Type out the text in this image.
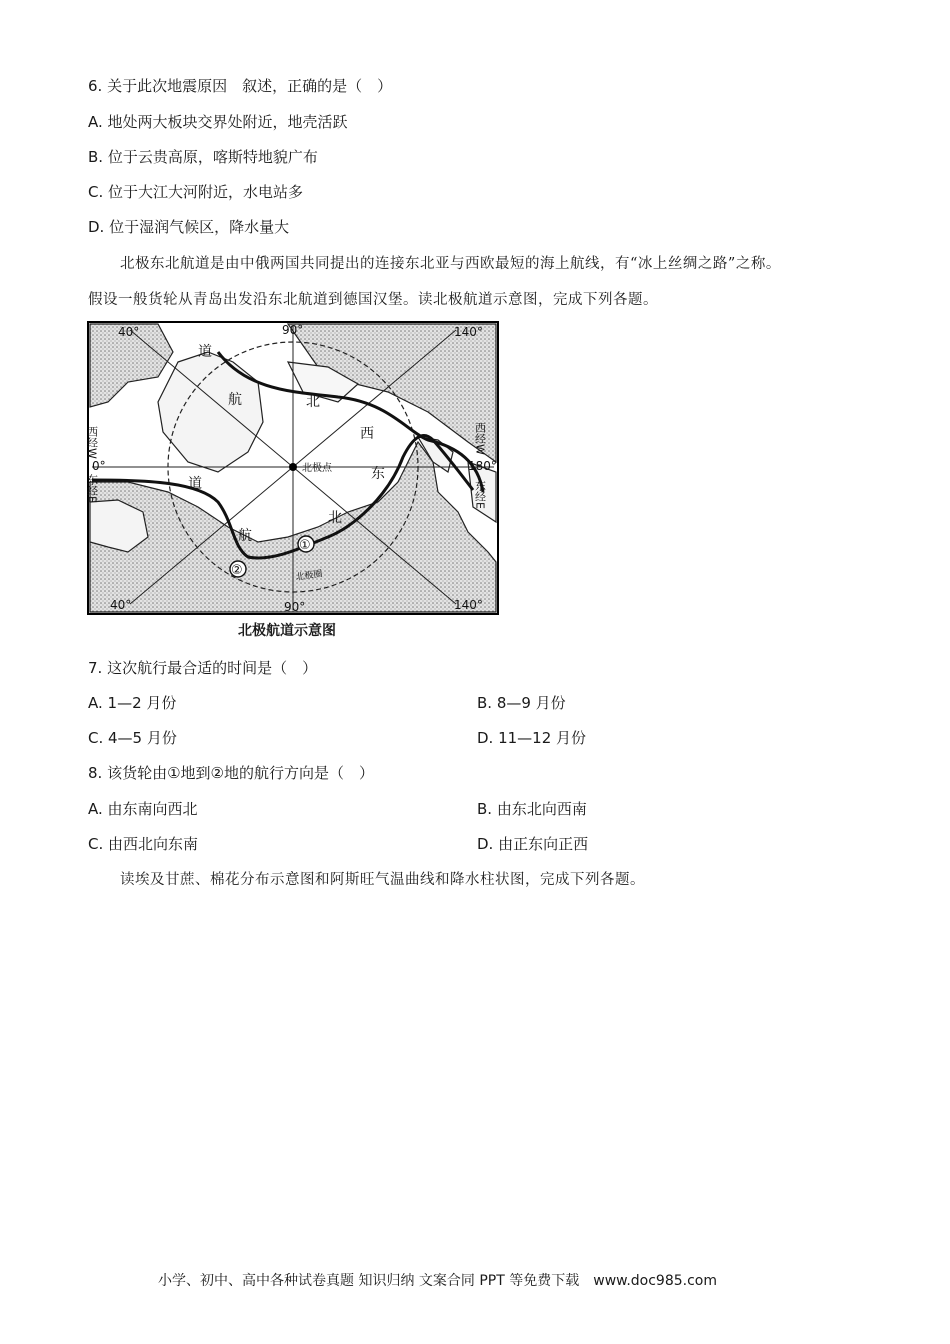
6. 关于此次地震原因　叙述，正确的是（　）
A. 地处两大板块交界处附近，地壳活跃
B. 位于云贵高原，喀斯特地貌广布
C. 位于大江大河附近，水电站多
D. 位于湿润气候区，降水量大
北极东北航道是由中俄两国共同提出的连接东北亚与西欧最短的海上航线，有“冰上丝绸之路”之称。
假设一般货轮从青岛出发沿东北航道到德国汉堡。读北极航道示意图，完成下列各题。
40°	90°	140°
40°	90°	140°
0°	180°
西经W
东经E
西经W
东经E
道
航	北
西
东
北
航
道
北极点
北极圈
①
②
北极航道示意图
7. 这次航行最合适的时间是（　）
A. 1—2 月份	B. 8—9 月份
C. 4—5 月份	D. 11—12 月份
8. 该货轮由①地到②地的航行方向是（　）
A. 由东南向西北	B. 由东北向西南
C. 由西北向东南	D. 由正东向正西
读埃及甘蔗、棉花分布示意图和阿斯旺气温曲线和降水柱状图，完成下列各题。
小学、初中、高中各种试卷真题 知识归纳 文案合同 PPT 等免费下载 www.doc985.com
